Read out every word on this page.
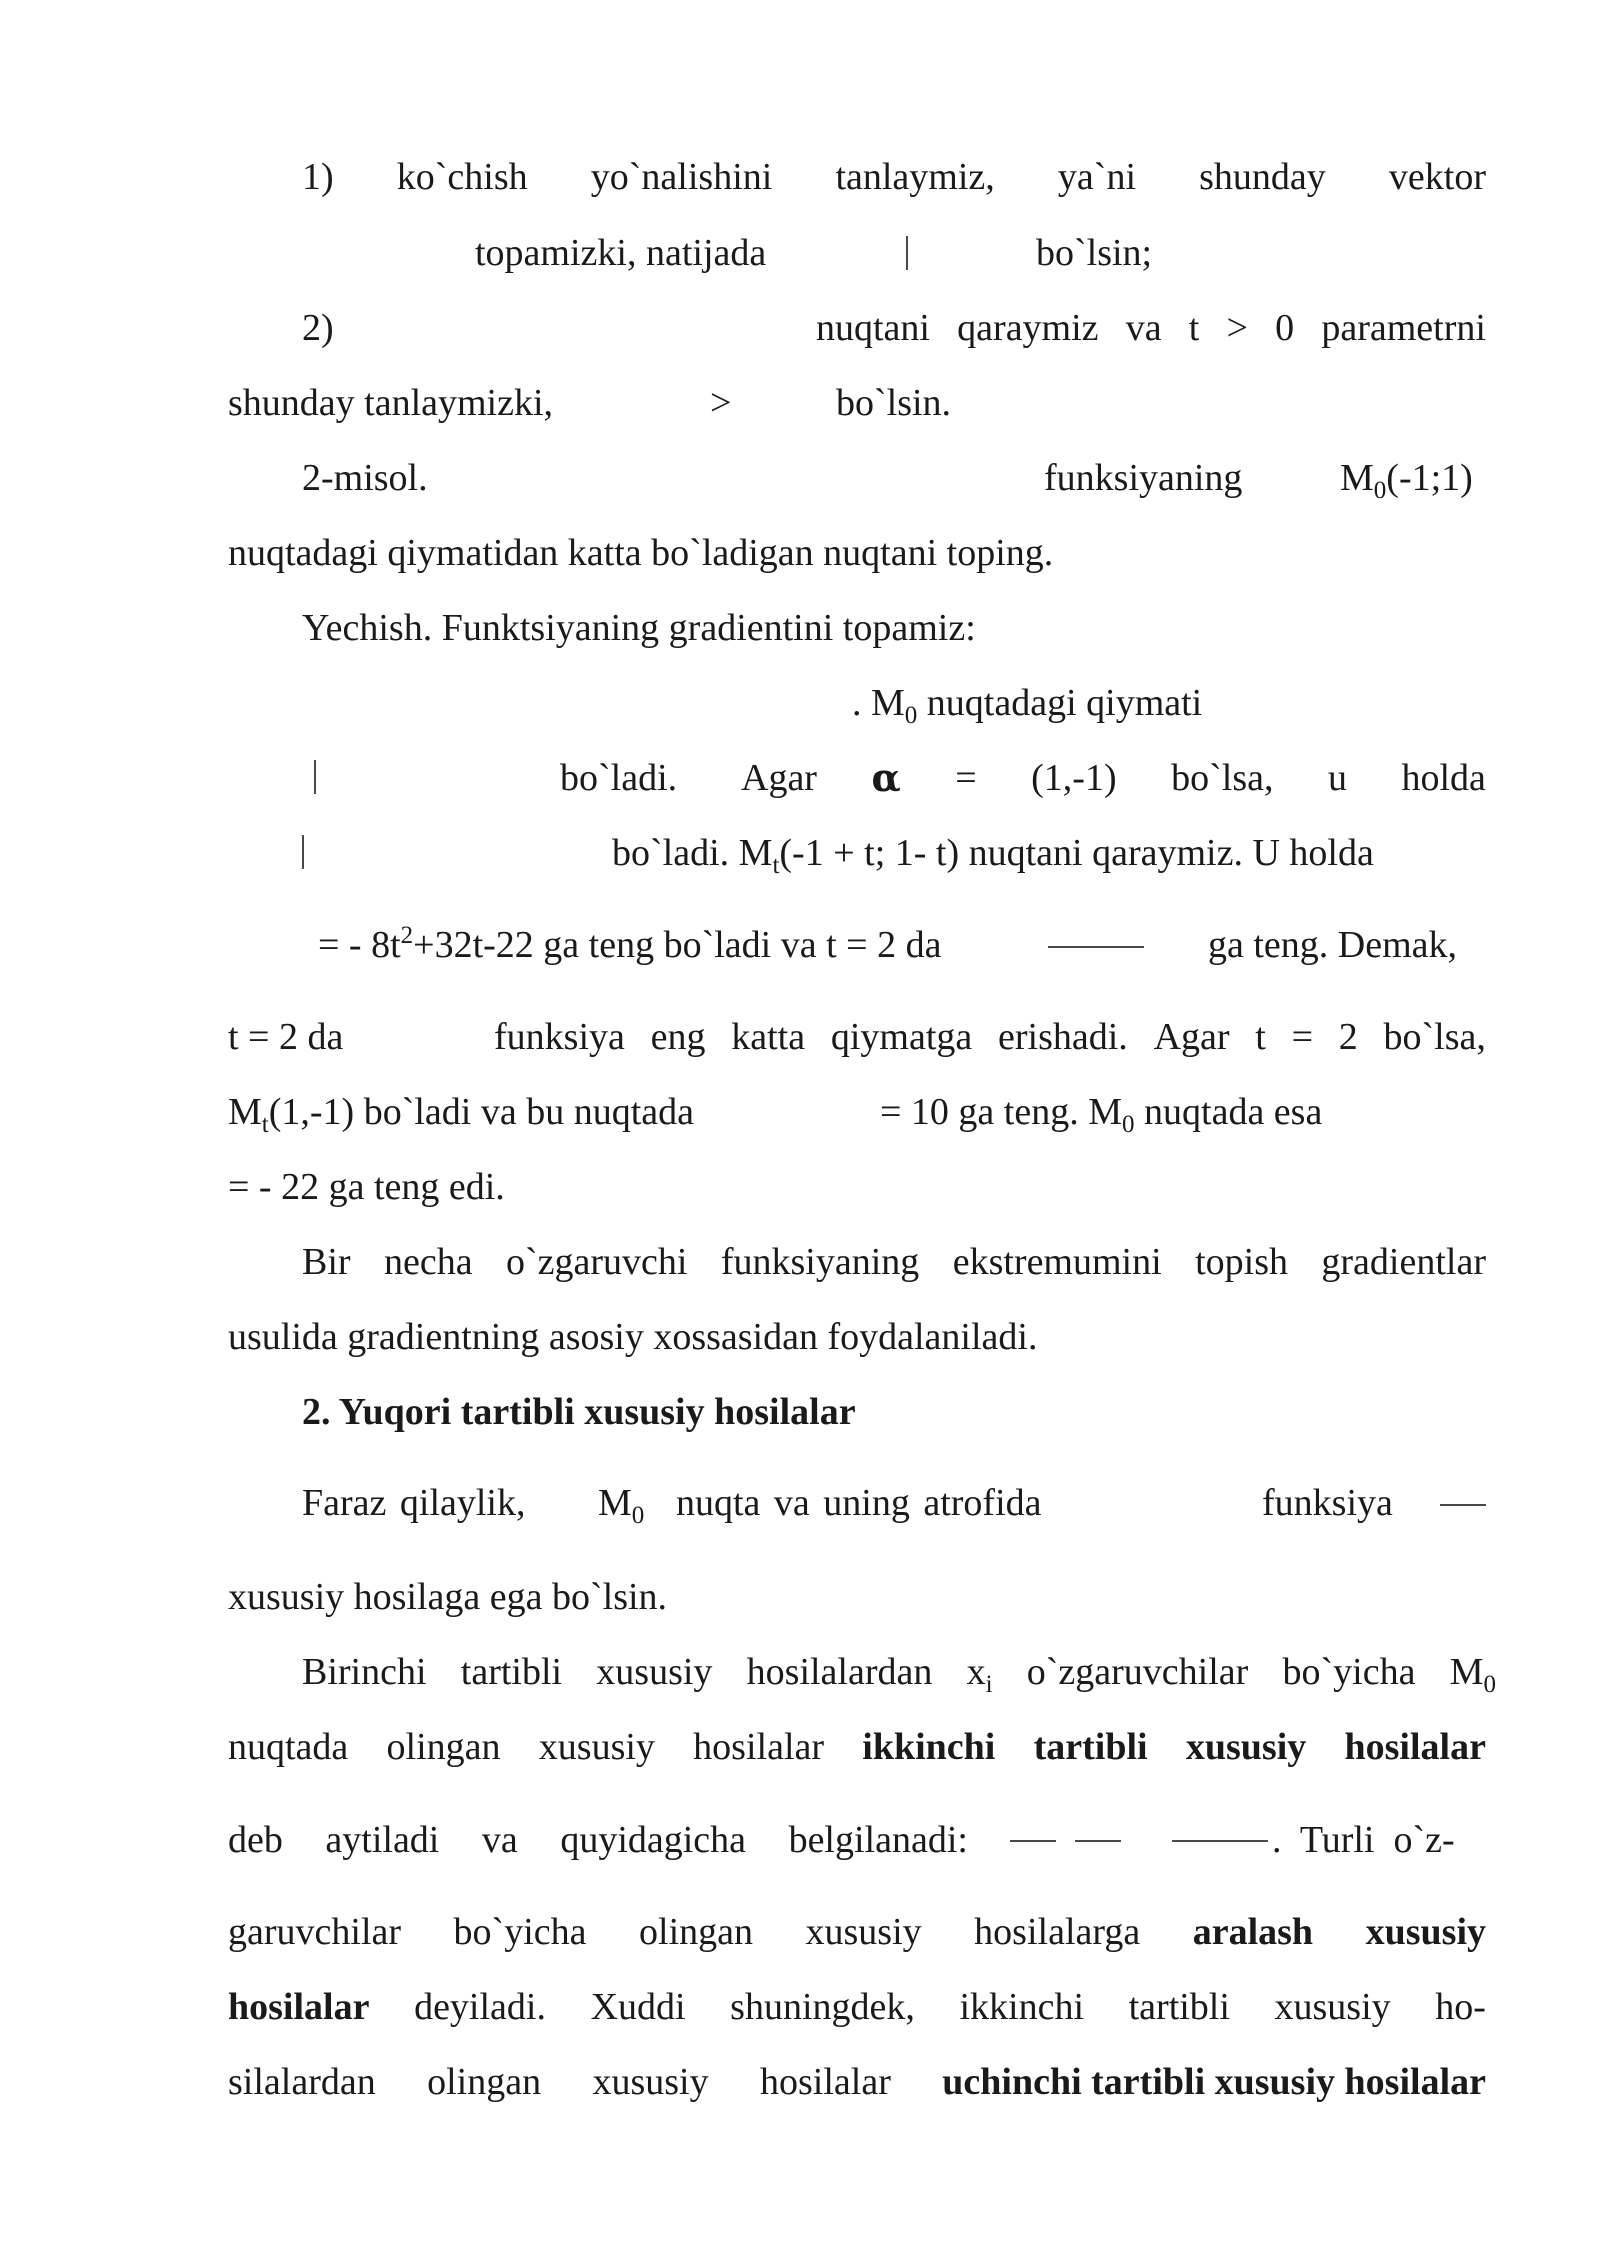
1) ko`chish yo`nalishini tanlaymiz, ya`ni shunday vektor
topamizki, natijada	bo`lsin;
2)	nuqtani qaraymiz va t > 0 parametrni
shunday tanlaymizki,	>	bo`lsin.
2-misol.	funksiyaning	$M_0(-1;1)$
nuqtadagi qiymatidan katta bo`ladigan nuqtani toping.
Yechish. Funktsiyaning gradientini topamiz:
. $M_0$ nuqtadagi qiymati
bo`ladi. Agar α = (1,-1) bo`lsa, u holda
bo`ladi. $M_t(-1 + t$; 1- t) nuqtani qaraymiz. U holda
= - $8t^2+32t-22$ ga teng bo`ladi va t = 2 da	ga teng. Demak,
t = 2 da	funksiya eng katta qiymatga erishadi. Agar t = 2 bo`lsa,
$M_t(1,-1)$ bo`ladi va bu nuqtada	= 10 ga teng. $M_0$ nuqtada esa
= - 22 ga teng edi.
Bir necha o`zgaruvchi funksiyaning ekstremumini topish gradientlar
usulida gradientning asosiy xossasidan foydalaniladi.
2. Yuqori tartibli xususiy hosilalar
Faraz qilaylik, $M_0$ nuqta va uning atrofida	funksiya
xususiy hosilaga ega bo`lsin.
Birinchi tartibli xususiy hosilalardan $x_i$ o`zgaruvchilar bo`yicha $M_0$
nuqtada olingan xususiy hosilalar ikkinchi tartibli xususiy hosilalar
deb aytiladi va quyidagicha belgilanadi:	.  Turli  o`z-
garuvchilar bo`yicha olingan xususiy hosilalarga aralash xususiy
hosilalar deyiladi. Xuddi shuningdek, ikkinchi tartibli xususiy ho-
silalardan olingan xususiy hosilalar uchinchi tartibli xususiy hosilalar
